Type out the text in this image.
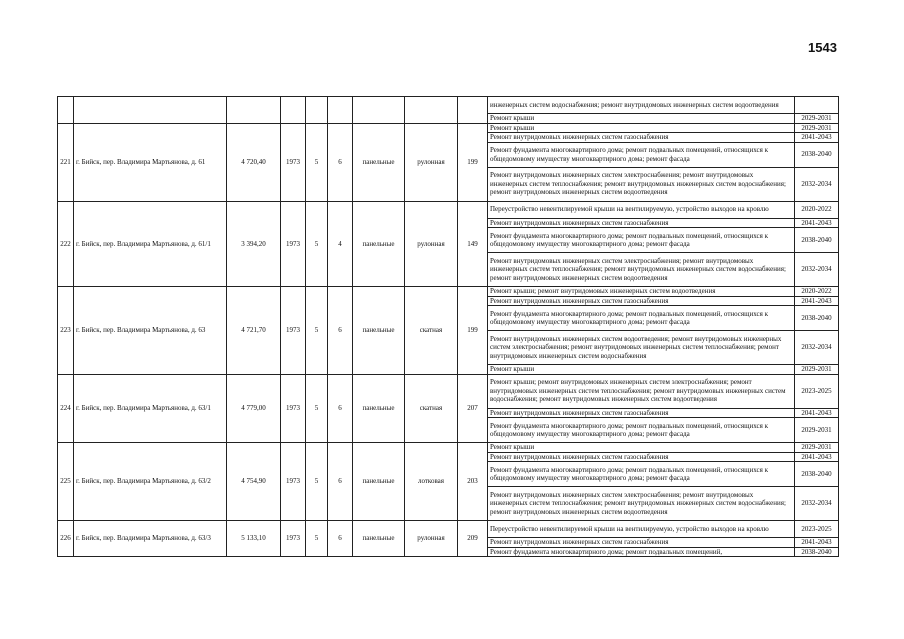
1543
									инженерных систем водоснабжения; ремонт внутридомовых инженерных систем водоотведения	
									Ремонт крыши	2029-2031
221	г. Бийск, пер. Владимира Мартьянова, д. 61	4 720,40	1973	5	6	панельные	рулонная	199	Ремонт крыши	2029-2031
									Ремонт внутридомовых инженерных систем газоснабжения	2041-2043
									Ремонт фундамента многоквартирного дома; ремонт подвальных помещений, относящихся к общедомовому имуществу многоквартирного дома; ремонт фасада	2038-2040
									Ремонт внутридомовых инженерных систем электроснабжения; ремонт внутридомовых инженерных систем теплоснабжения; ремонт внутридомовых инженерных систем водоснабжения; ремонт внутридомовых инженерных систем водоотведения	2032-2034
222	г. Бийск, пер. Владимира Мартьянова, д. 61/1	3 394,20	1973	5	4	панельные	рулонная	149	Переустройство невентилируемой крыши на вентилируемую, устройство выходов на кровлю	2020-2022
									Ремонт внутридомовых инженерных систем газоснабжения	2041-2043
									Ремонт фундамента многоквартирного дома; ремонт подвальных помещений, относящихся к общедомовому имуществу многоквартирного дома; ремонт фасада	2038-2040
									Ремонт внутридомовых инженерных систем электроснабжения; ремонт внутридомовых инженерных систем теплоснабжения; ремонт внутридомовых инженерных систем водоснабжения; ремонт внутридомовых инженерных систем водоотведения	2032-2034
223	г. Бийск, пер. Владимира Мартьянова, д. 63	4 721,70	1973	5	6	панельные	скатная	199	Ремонт крыши; ремонт внутридомовых инженерных систем водоотведения	2020-2022
									Ремонт внутридомовых инженерных систем газоснабжения	2041-2043
									Ремонт фундамента многоквартирного дома; ремонт подвальных помещений, относящихся к общедомовому имуществу многоквартирного дома; ремонт фасада	2038-2040
									Ремонт внутридомовых инженерных систем водоотведения; ремонт внутридомовых инженерных систем электроснабжения; ремонт внутридомовых инженерных систем теплоснабжения; ремонт внутридомовых инженерных систем водоснабжения	2032-2034
									Ремонт крыши	2029-2031
224	г. Бийск, пер. Владимира Мартьянова, д. 63/1	4 779,00	1973	5	6	панельные	скатная	207	Ремонт крыши; ремонт внутридомовых инженерных систем электроснабжения; ремонт внутридомовых инженерных систем теплоснабжения; ремонт внутридомовых инженерных систем водоснабжения; ремонт внутридомовых инженерных систем водоотведения	2023-2025
									Ремонт внутридомовых инженерных систем газоснабжения	2041-2043
									Ремонт фундамента многоквартирного дома; ремонт подвальных помещений, относящихся к общедомовому имуществу многоквартирного дома; ремонт фасада	2029-2031
225	г. Бийск, пер. Владимира Мартьянова, д. 63/2	4 754,90	1973	5	6	панельные	лотковая	203	Ремонт крыши	2029-2031
									Ремонт внутридомовых инженерных систем газоснабжения	2041-2043
									Ремонт фундамента многоквартирного дома; ремонт подвальных помещений, относящихся к общедомовому имуществу многоквартирного дома; ремонт фасада	2038-2040
									Ремонт внутридомовых инженерных систем электроснабжения; ремонт внутридомовых инженерных систем теплоснабжения; ремонт внутридомовых инженерных систем водоснабжения; ремонт внутридомовых инженерных систем водоотведения	2032-2034
226	г. Бийск, пер. Владимира Мартьянова, д. 63/3	5 133,10	1973	5	6	панельные	рулонная	209	Переустройство невентилируемой крыши на вентилируемую, устройство выходов на кровлю	2023-2025
									Ремонт внутридомовых инженерных систем газоснабжения	2041-2043
									Ремонт фундамента многоквартирного дома; ремонт подвальных помещений,	2038-2040
